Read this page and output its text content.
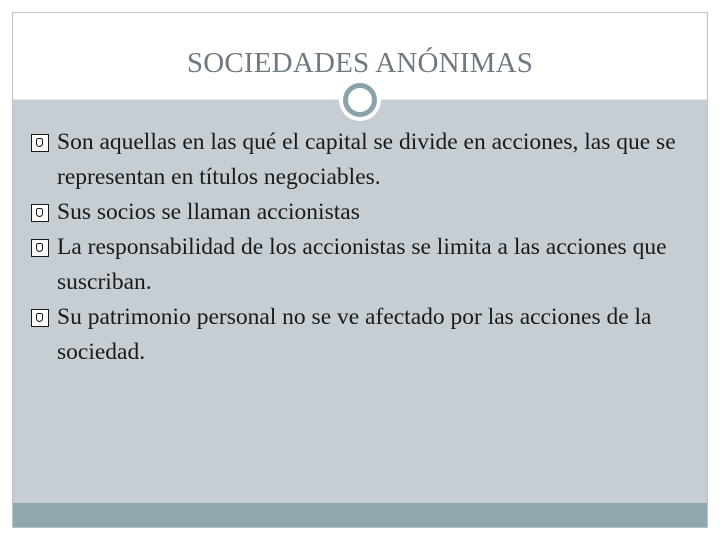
SOCIEDADES ANÓNIMAS
Son aquellas en las qué el capital se divide en acciones, las que se representan en títulos negociables.
Sus socios se llaman accionistas
La responsabilidad de los accionistas se limita a las acciones que suscriban.
Su patrimonio personal no se ve afectado por las acciones de la sociedad.
